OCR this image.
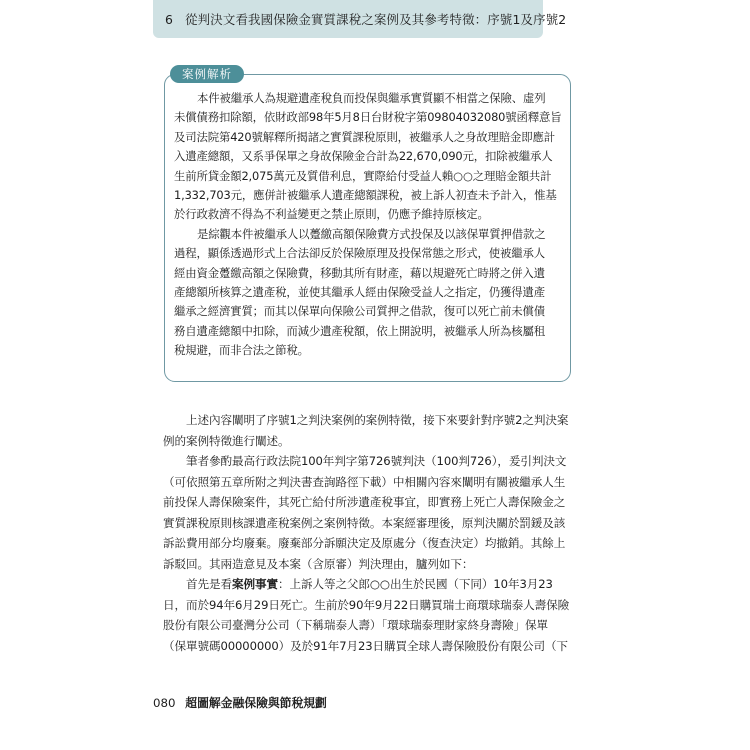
6 從判決文看我國保險金實質課稅之案例及其參考特徵：序號1及序號2
案例解析
本件被繼承人為規避遺產稅負而投保與繼承實質顯不相當之保險、虛列
未償債務扣除額，依財政部98年5月8日台財稅字第09804032080號函釋意旨
及司法院第420號解釋所揭諸之實質課稅原則，被繼承人之身故理賠金即應計
入遺產總額，又系爭保單之身故保險金合計為22,670,090元，扣除被繼承人
生前所貸金額2,075萬元及質借利息，實際給付受益人賴○○之理賠金額共計
1,332,703元，應併計被繼承人遺產總額課稅，被上訴人初查未予計入，惟基
於行政救濟不得為不利益變更之禁止原則，仍應予維持原核定。
是綜觀本件被繼承人以躉繳高額保險費方式投保及以該保單質押借款之
過程，顯係透過形式上合法卻反於保險原理及投保常態之形式，使被繼承人
經由資金躉繳高額之保險費，移動其所有財產，藉以規避死亡時將之併入遺
產總額所核算之遺產稅，並使其繼承人經由保險受益人之指定，仍獲得遺產
繼承之經濟實質；而其以保單向保險公司質押之借款，復可以死亡前未償債
務自遺產總額中扣除，而減少遺產稅額，依上開說明，被繼承人所為核屬租
稅規避，而非合法之節稅。
上述內容闡明了序號1之判決案例的案例特徵，接下來要針對序號2之判決案
例的案例特徵進行闡述。
筆者參酌最高行政法院100年判字第726號判決（100判726），爰引判決文
（可依照第五章所附之判決書查詢路徑下載）中相關內容來闡明有關被繼承人生
前投保人壽保險案件，其死亡給付所涉遺產稅事宜，即實務上死亡人壽保險金之
實質課稅原則核課遺產稅案例之案例特徵。本案經審理後，原判決關於罰鍰及該
訴訟費用部分均廢棄。廢棄部分訴願決定及原處分（復查決定）均撤銷。其餘上
訴駁回。其兩造意見及本案（含原審）判決理由，臚列如下：
首先是看案例事實：上訴人等之父郎○○出生於民國（下同）10年3月23
日，而於94年6月29日死亡。生前於90年9月22日購買瑞士商環球瑞泰人壽保險
股份有限公司臺灣分公司（下稱瑞泰人壽）「環球瑞泰理財家終身壽險」保單
（保單號碼00000000）及於91年7月23日購買全球人壽保險股份有限公司（下
080 超圖解金融保險與節稅規劃
